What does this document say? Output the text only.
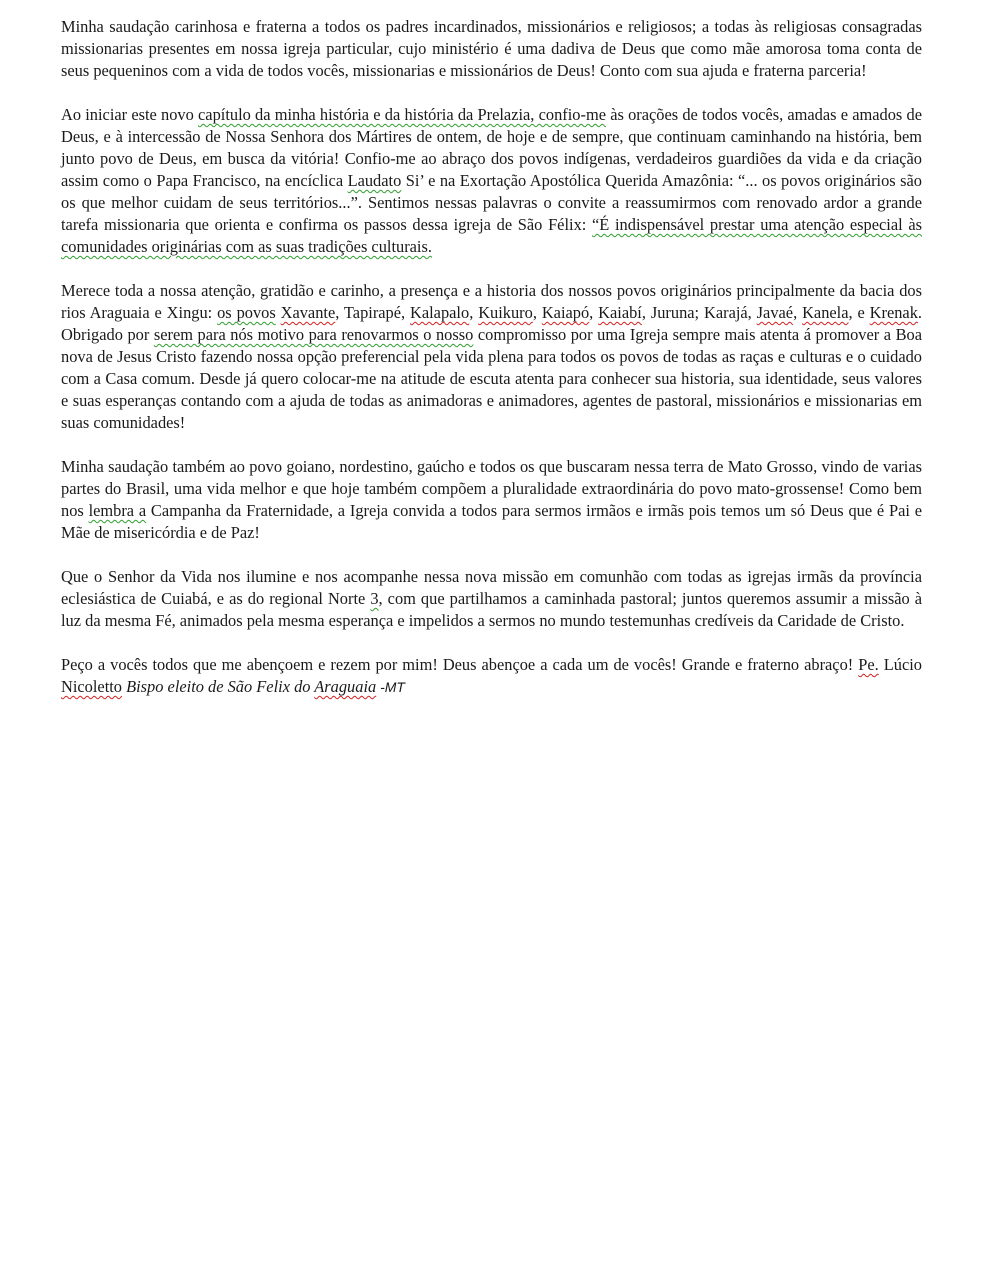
Minha saudação carinhosa e fraterna a todos os padres incardinados, missionários e religiosos; a todas às religiosas consagradas missionarias presentes em nossa igreja particular, cujo ministério é uma dadiva de Deus que como mãe amorosa toma conta de seus pequeninos com a vida de todos vocês, missionarias e missionários de Deus! Conto com sua ajuda e fraterna parceria!

Ao iniciar este novo capítulo da minha história e da história da Prelazia, confio-me às orações de todos vocês, amadas e amados de Deus, e à intercessão de Nossa Senhora dos Mártires de ontem, de hoje e de sempre, que continuam caminhando na história, bem junto povo de Deus, em busca da vitória! Confio-me ao abraço dos povos indígenas, verdadeiros guardiões da vida e da criação assim como o Papa Francisco, na encíclica Laudato Si’ e na Exortação Apostólica Querida Amazônia: “... os povos originários são os que melhor cuidam de seus territórios...”. Sentimos nessas palavras o convite a reassumirmos com renovado ardor a grande tarefa missionaria que orienta e confirma os passos dessa igreja de São Félix: “É indispensável prestar uma atenção especial às comunidades originárias com as suas tradições culturais.

Merece toda a nossa atenção, gratidão e carinho, a presença e a historia dos nossos povos originários principalmente da bacia dos rios Araguaia e Xingu: os povos Xavante, Tapirapé, Kalapalo, Kuikuro, Kaiapó, Kaiabí, Juruna; Karajá, Javaé, Kanela, e Krenak. Obrigado por serem para nós motivo para renovarmos o nosso compromisso por uma Igreja sempre mais atenta á promover a Boa nova de Jesus Cristo fazendo nossa opção preferencial pela vida plena para todos os povos de todas as raças e culturas e o cuidado com a Casa comum. Desde já quero colocar-me na atitude de escuta atenta para conhecer sua historia, sua identidade, seus valores e suas esperanças contando com a ajuda de todas as animadoras e animadores, agentes de pastoral, missionários e missionarias em suas comunidades!

Minha saudação também ao povo goiano, nordestino, gaúcho e todos os que buscaram nessa terra de Mato Grosso, vindo de varias partes do Brasil, uma vida melhor e que hoje também compõem a pluralidade extraordinária do povo mato-grossense! Como bem nos lembra a Campanha da Fraternidade, a Igreja convida a todos para sermos irmãos e irmãs pois temos um só Deus que é Pai e Mãe de misericórdia e de Paz!

Que o Senhor da Vida nos ilumine e nos acompanhe nessa nova missão em comunhão com todas as igrejas irmãs da província eclesiástica de Cuiabá, e as do regional Norte 3, com que partilhamos a caminhada pastoral; juntos queremos assumir a missão à luz da mesma Fé, animados pela mesma esperança e impelidos a sermos no mundo testemunhas credíveis da Caridade de Cristo.

Peço a vocês todos que me abençoem e rezem por mim! Deus abençoe a cada um de vocês! Grande e fraterno abraço! Pe. Lúcio Nicoletto Bispo eleito de São Felix do Araguaia -MT
